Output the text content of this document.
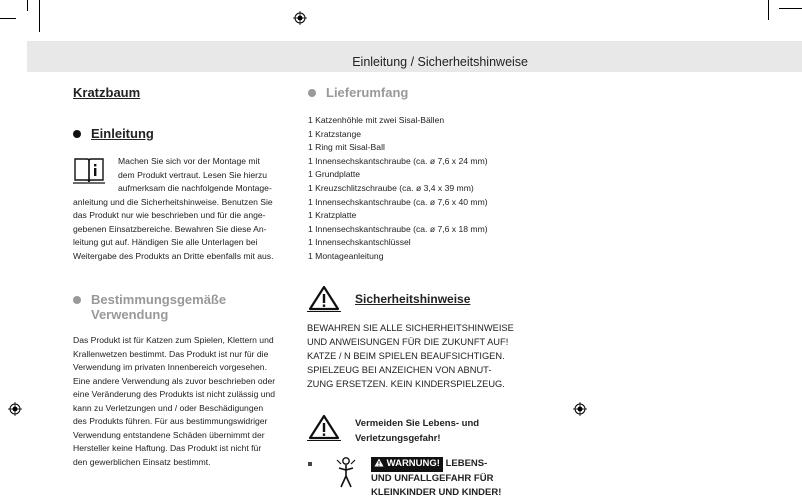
Einleitung / Sicherheitshinweise
Kratzbaum
Einleitung
Machen Sie sich vor der Montage mit
dem Produkt vertraut. Lesen Sie hierzu
aufmerksam die nachfolgende Montage-
anleitung und die Sicherheitshinweise. Benutzen Sie
das Produkt nur wie beschrieben und für die ange-
gebenen Einsatzbereiche. Bewahren Sie diese An-
leitung gut auf. Händigen Sie alle Unterlagen bei
Weitergabe des Produkts an Dritte ebenfalls mit aus.
Bestimmungsgemäße
Verwendung
Das Produkt ist für Katzen zum Spielen, Klettern und
Krallenwetzen bestimmt. Das Produkt ist nur für die
Verwendung im privaten Innenbereich vorgesehen.
Eine andere Verwendung als zuvor beschrieben oder
eine Veränderung des Produkts ist nicht zulässig und
kann zu Verletzungen und / oder Beschädigungen
des Produkts führen. Für aus bestimmungswidriger
Verwendung entstandene Schäden übernimmt der
Hersteller keine Haftung. Das Produkt ist nicht für
den gewerblichen Einsatz bestimmt.
Lieferumfang
1 Katzenhöhle mit zwei Sisal-Bällen
1 Kratzstange
1 Ring mit Sisal-Ball
1 Innensechskantschraube (ca. ø 7,6 x 24 mm)
1 Grundplatte
1 Kreuzschlitzschraube (ca. ø 3,4 x 39 mm)
1 Innensechskantschraube (ca. ø 7,6 x 40 mm)
1 Kratzplatte
1 Innensechskantschraube (ca. ø 7,6 x 18 mm)
1 Innensechskantschlüssel
1 Montageanleitung
Sicherheitshinweise
BEWAHREN SIE ALLE SICHERHEITSHINWEISE
UND ANWEISUNGEN FÜR DIE ZUKUNFT AUF!
KATZE / N BEIM SPIELEN BEAUFSICHTIGEN.
SPIELZEUG BEI ANZEICHEN VON ABNUT-
ZUNG ERSETZEN. KEIN KINDERSPIELZEUG.
Vermeiden Sie Lebens- und
Verletzungsgefahr!
WARNUNG! LEBENS-
UND UNFALLGEFAHR FÜR
KLEINKINDER UND KINDER!
